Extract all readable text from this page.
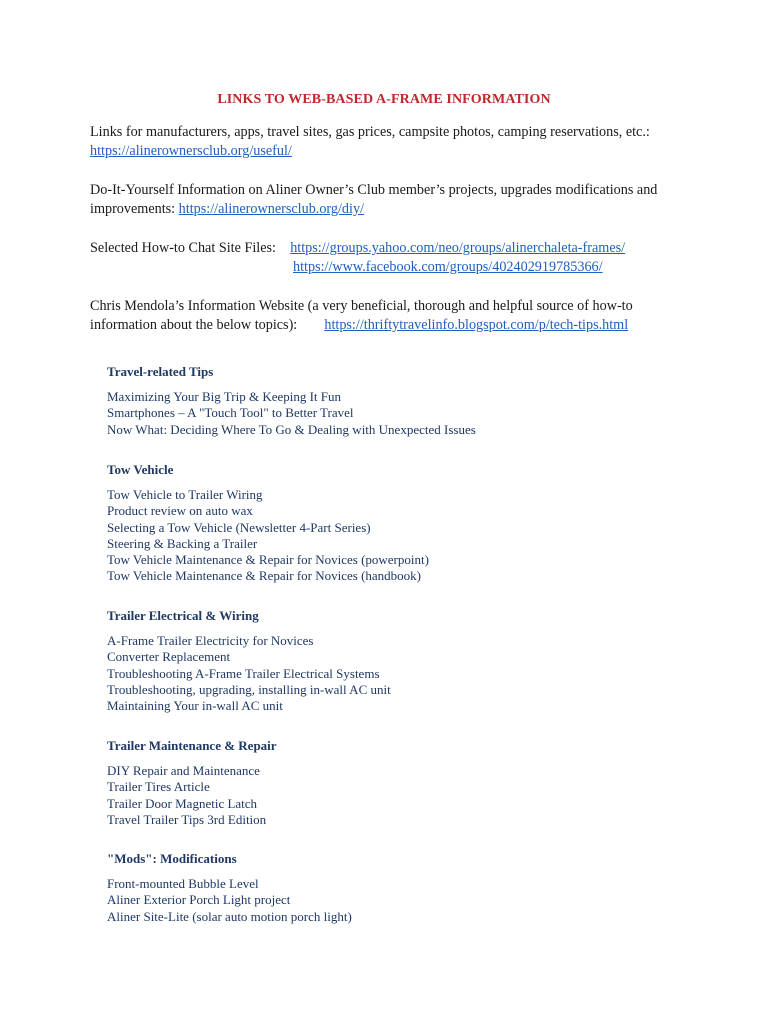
LINKS TO WEB-BASED A-FRAME INFORMATION
Links for manufacturers, apps, travel sites, gas prices, campsite photos, camping reservations, etc.:   https://alinerownersclub.org/useful/
Do-It-Yourself Information on Aliner Owner’s Club member’s projects, upgrades modifications and improvements: https://alinerownersclub.org/diy/
Selected How-to Chat Site Files: https://groups.yahoo.com/neo/groups/alinerchaleta-frames/
https://www.facebook.com/groups/402402919785366/
Chris Mendola’s Information Website (a very beneficial, thorough and helpful source of how-to information about the below topics): https://thriftytravelinfo.blogspot.com/p/tech-tips.html
Travel-related Tips
Maximizing Your Big Trip & Keeping It Fun
Smartphones – A "Touch Tool" to Better Travel
Now What: Deciding Where To Go & Dealing with Unexpected Issues
Tow Vehicle
Tow Vehicle to Trailer Wiring
Product review on auto wax
Selecting a Tow Vehicle (Newsletter 4-Part Series)
Steering & Backing a Trailer
Tow Vehicle Maintenance & Repair for Novices (powerpoint)
Tow Vehicle Maintenance & Repair for Novices (handbook)
Trailer Electrical & Wiring
A-Frame Trailer Electricity for Novices
Converter Replacement
Troubleshooting A-Frame Trailer Electrical Systems
Troubleshooting, upgrading, installing in-wall AC unit
Maintaining Your in-wall AC unit
Trailer Maintenance & Repair
DIY Repair and Maintenance
Trailer Tires Article
Trailer Door Magnetic Latch
Travel Trailer Tips 3rd Edition
"Mods": Modifications
Front-mounted Bubble Level
Aliner Exterior Porch Light project
Aliner Site-Lite (solar auto motion porch light)
